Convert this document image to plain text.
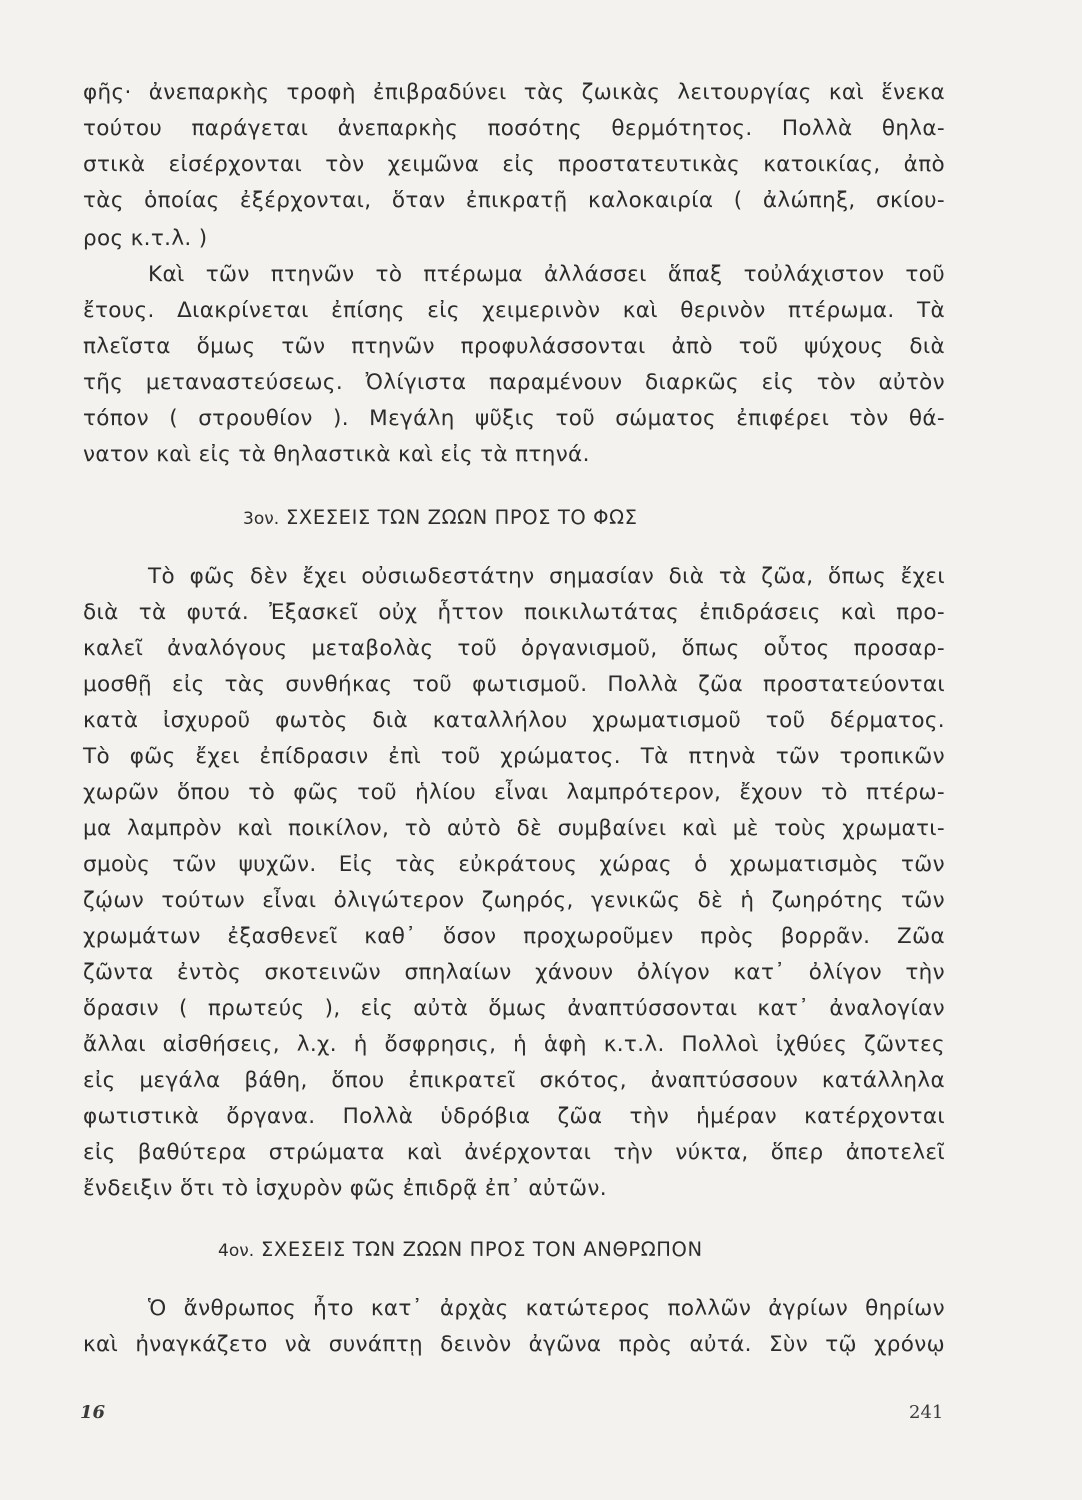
φῆς· ἀνεπαρκὴς τροφὴ ἐπιβραδύνει τὰς ζωικὰς λειτουργίας καὶ ἕνεκα
τούτου παράγεται ἀνεπαρκὴς ποσότης θερμότητος. Πολλὰ θηλα-
στικὰ εἰσέρχονται τὸν χειμῶνα εἰς προστατευτικὰς κατοικίας, ἀπὸ
τὰς ὁποίας ἐξέρχονται, ὅταν ἐπικρατῇ καλοκαιρία ( ἀλώπηξ, σκίου-
ρος κ.τ.λ. )
Καὶ τῶν πτηνῶν τὸ πτέρωμα ἀλλάσσει ἅπαξ τοὐλάχιστον τοῦ
ἔτους. Διακρίνεται ἐπίσης εἰς χειμερινὸν καὶ θερινὸν πτέρωμα. Τὰ
πλεῖστα ὅμως τῶν πτηνῶν προφυλάσσονται ἀπὸ τοῦ ψύχους διὰ
τῆς μεταναστεύσεως. Ὀλίγιστα παραμένουν διαρκῶς εἰς τὸν αὐτὸν
τόπον ( στρουθίον ). Μεγάλη ψῦξις τοῦ σώματος ἐπιφέρει τὸν θά-
νατον καὶ εἰς τὰ θηλαστικὰ καὶ εἰς τὰ πτηνά.
3ον. ΣΧΕΣΕΙΣ ΤΩΝ ΖΩΩΝ ΠΡΟΣ ΤΟ ΦΩΣ
Τὸ φῶς δὲν ἔχει οὐσιωδεστάτην σημασίαν διὰ τὰ ζῶα, ὅπως ἔχει
διὰ τὰ φυτά. Ἐξασκεῖ οὐχ ἧττον ποικιλωτάτας ἐπιδράσεις καὶ προ-
καλεῖ ἀναλόγους μεταβολὰς τοῦ ὀργανισμοῦ, ὅπως οὗτος προσαρ-
μοσθῇ εἰς τὰς συνθήκας τοῦ φωτισμοῦ. Πολλὰ ζῶα προστατεύονται
κατὰ ἰσχυροῦ φωτὸς διὰ καταλλήλου χρωματισμοῦ τοῦ δέρματος.
Τὸ φῶς ἔχει ἐπίδρασιν ἐπὶ τοῦ χρώματος. Τὰ πτηνὰ τῶν τροπικῶν
χωρῶν ὅπου τὸ φῶς τοῦ ἡλίου εἶναι λαμπρότερον, ἔχουν τὸ πτέρω-
μα λαμπρὸν καὶ ποικίλον, τὸ αὐτὸ δὲ συμβαίνει καὶ μὲ τοὺς χρωματι-
σμοὺς τῶν ψυχῶν. Εἰς τὰς εὐκράτους χώρας ὁ χρωματισμὸς τῶν
ζῴων τούτων εἶναι ὀλιγώτερον ζωηρός, γενικῶς δὲ ἡ ζωηρότης τῶν
χρωμάτων ἐξασθενεῖ καθ᾽ ὅσον προχωροῦμεν πρὸς βορρᾶν. Ζῶα
ζῶντα ἐντὸς σκοτεινῶν σπηλαίων χάνουν ὀλίγον κατ᾽ ὀλίγον τὴν
ὅρασιν ( πρωτεύς ), εἰς αὐτὰ ὅμως ἀναπτύσσονται κατ᾽ ἀναλογίαν
ἄλλαι αἰσθήσεις, λ.χ. ἡ ὄσφρησις, ἡ ἁφὴ κ.τ.λ. Πολλοὶ ἰχθύες ζῶντες
εἰς μεγάλα βάθη, ὅπου ἐπικρατεῖ σκότος, ἀναπτύσσουν κατάλληλα
φωτιστικὰ ὄργανα. Πολλὰ ὑδρόβια ζῶα τὴν ἡμέραν κατέρχονται
εἰς βαθύτερα στρώματα καὶ ἀνέρχονται τὴν νύκτα, ὅπερ ἀποτελεῖ
ἔνδειξιν ὅτι τὸ ἰσχυρὸν φῶς ἐπιδρᾷ ἐπ᾽ αὐτῶν.
4ον. ΣΧΕΣΕΙΣ ΤΩΝ ΖΩΩΝ ΠΡΟΣ ΤΟΝ ΑΝΘΡΩΠΟΝ
Ὁ ἄνθρωπος ἦτο κατ᾽ ἀρχὰς κατώτερος πολλῶν ἀγρίων θηρίων
καὶ ἠναγκάζετο νὰ συνάπτῃ δεινὸν ἀγῶνα πρὸς αὐτά. Σὺν τῷ χρόνῳ
16	241
